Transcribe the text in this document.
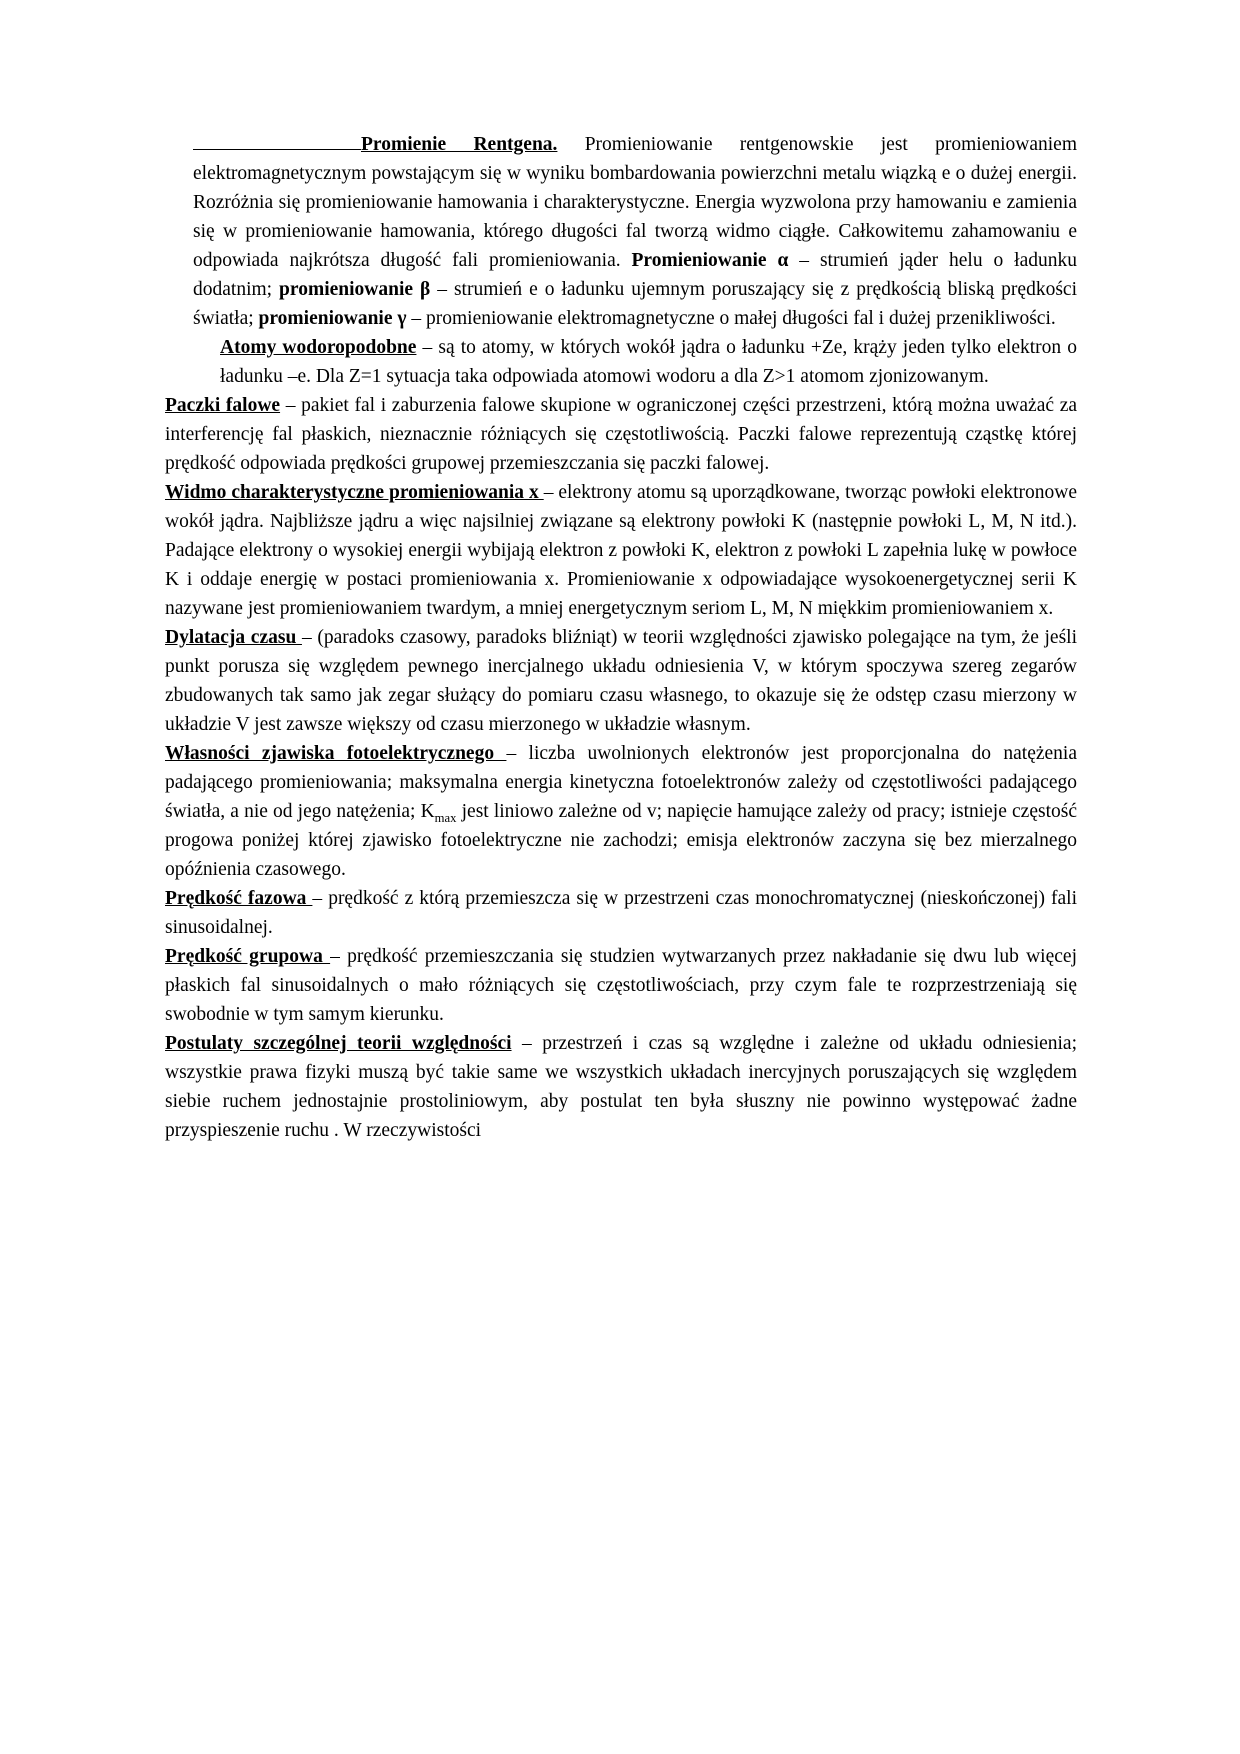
Promienie Rentgena. Promieniowanie rentgenowskie jest promieniowaniem elektromagnetycznym powstającym się w wyniku bombardowania powierzchni metalu wiązką e o dużej energii. Rozróżnia się promieniowanie hamowania i charakterystyczne. Energia wyzwolona przy hamowaniu e zamienia się w promieniowanie hamowania, którego długości fal tworzą widmo ciągłe. Całkowitemu zahamowaniu e odpowiada najkrótsza długość fali promieniowania. Promieniowanie α – strumień jąder helu o ładunku dodatnim; promieniowanie β – strumień e o ładunku ujemnym poruszający się z prędkością bliską prędkości światła; promieniowanie γ – promieniowanie elektromagnetyczne o małej długości fal i dużej przenikliwości.

Atomy wodoropodobne – są to atomy, w których wokół jądra o ładunku +Ze, krąży jeden tylko elektron o ładunku –e. Dla Z=1 sytuacja taka odpowiada atomowi wodoru a dla Z>1 atomom zjonizowanym.

Paczki falowe – pakiet fal i zaburzenia falowe skupione w ograniczonej części przestrzeni, którą można uważać za interferencję fal płaskich, nieznacznie różniących się częstotliwością. Paczki falowe reprezentują cząstkę której prędkość odpowiada prędkości grupowej przemieszczania się paczki falowej.

Widmo charakterystyczne promieniowania x – elektrony atomu są uporządkowane, tworząc powłoki elektronowe wokół jądra. Najbliższe jądru a więc najsilniej związane są elektrony powłoki K (następnie powłoki L, M, N itd.). Padające elektrony o wysokiej energii wybijają elektron z powłoki K, elektron z powłoki L zapełnia lukę w powłoce K i oddaje energię w postaci promieniowania x. Promieniowanie x odpowiadające wysokoenergetycznej serii K nazywane jest promieniowaniem twardym, a mniej energetycznym seriom L, M, N miękkim promieniowaniem x.

Dylatacja czasu – (paradoks czasowy, paradoks bliźniąt) w teorii względności zjawisko polegające na tym, że jeśli punkt porusza się względem pewnego inercjalnego układu odniesienia V, w którym spoczywa szereg zegarów zbudowanych tak samo jak zegar służący do pomiaru czasu własnego, to okazuje się że odstęp czasu mierzony w układzie V jest zawsze większy od czasu mierzonego w układzie własnym.

Własności zjawiska fotoelektrycznego – liczba uwolnionych elektronów jest proporcjonalna do natężenia padającego promieniowania; maksymalna energia kinetyczna fotoelektronów zależy od częstotliwości padającego światła, a nie od jego natężenia; $K_{max}$ jest liniowo zależne od v; napięcie hamujące zależy od pracy; istnieje częstość progowa poniżej której zjawisko fotoelektryczne nie zachodzi; emisja elektronów zaczyna się bez mierzalnego opóźnienia czasowego.

Prędkość fazowa – prędkość z którą przemieszcza się w przestrzeni czas monochromatycznej (nieskończonej) fali sinusoidalnej.

Prędkość grupowa – prędkość przemieszczania się studzien wytwarzanych przez nakładanie się dwu lub więcej płaskich fal sinusoidalnych o mało różniących się częstotliwościach, przy czym fale te rozprzestrzeniają się swobodnie w tym samym kierunku.

Postulaty szczególnej teorii względności – przestrzeń i czas są względne i zależne od układu odniesienia; wszystkie prawa fizyki muszą być takie same we wszystkich układach inercyjnych poruszających się względem siebie ruchem jednostajnie prostoliniowym, aby postulat ten była słuszny nie powinno występować żadne przyspieszenie ruchu . W rzeczywistości
